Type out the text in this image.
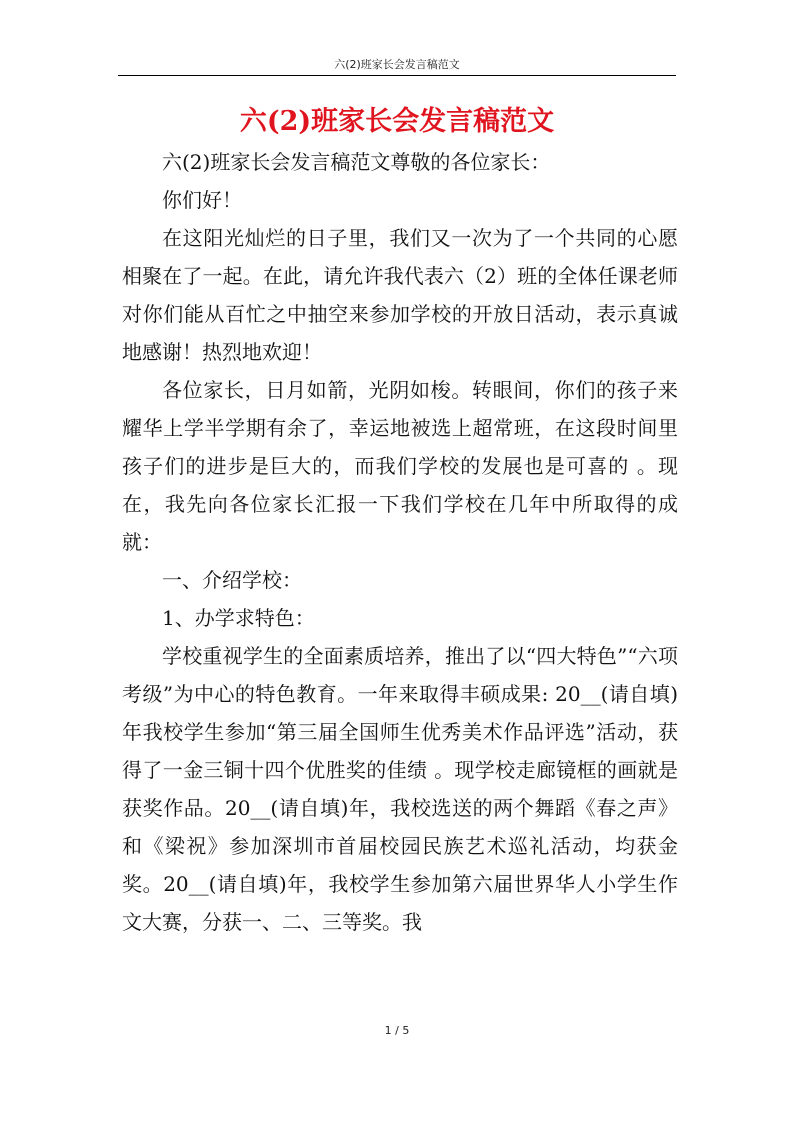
六(2)班家长会发言稿范文
六(2)班家长会发言稿范文

六(2)班家长会发言稿范文尊敬的各位家长：

你们好！

在这阳光灿烂的日子里，我们又一次为了一个共同的心愿相聚在了一起。在此，请允许我代表六（2）班的全体任课老师对你们能从百忙之中抽空来参加学校的开放日活动，表示真诚地感谢！热烈地欢迎！

各位家长，日月如箭，光阴如梭。转眼间，你们的孩子来耀华上学半学期有余了，幸运地被选上超常班，在这段时间里孩子们的进步是巨大的，而我们学校的发展也是可喜的 。现在，我先向各位家长汇报一下我们学校在几年中所取得的成就：

一、介绍学校：

1、办学求特色：

学校重视学生的全面素质培养，推出了以“四大特色”“六项考级”为中心的特色教育。一年来取得丰硕成果: 20__(请自填)年我校学生参加“第三届全国师生优秀美术作品评选”活动，获得了一金三铜十四个优胜奖的佳绩 。现学校走廊镜框的画就是获奖作品。20__(请自填)年，我校选送的两个舞蹈《春之声》和《梁祝》参加深圳市首届校园民族艺术巡礼活动，均获金奖。20__(请自填)年，我校学生参加第六届世界华人小学生作文大赛，分获一、二、三等奖。我

1 / 5
